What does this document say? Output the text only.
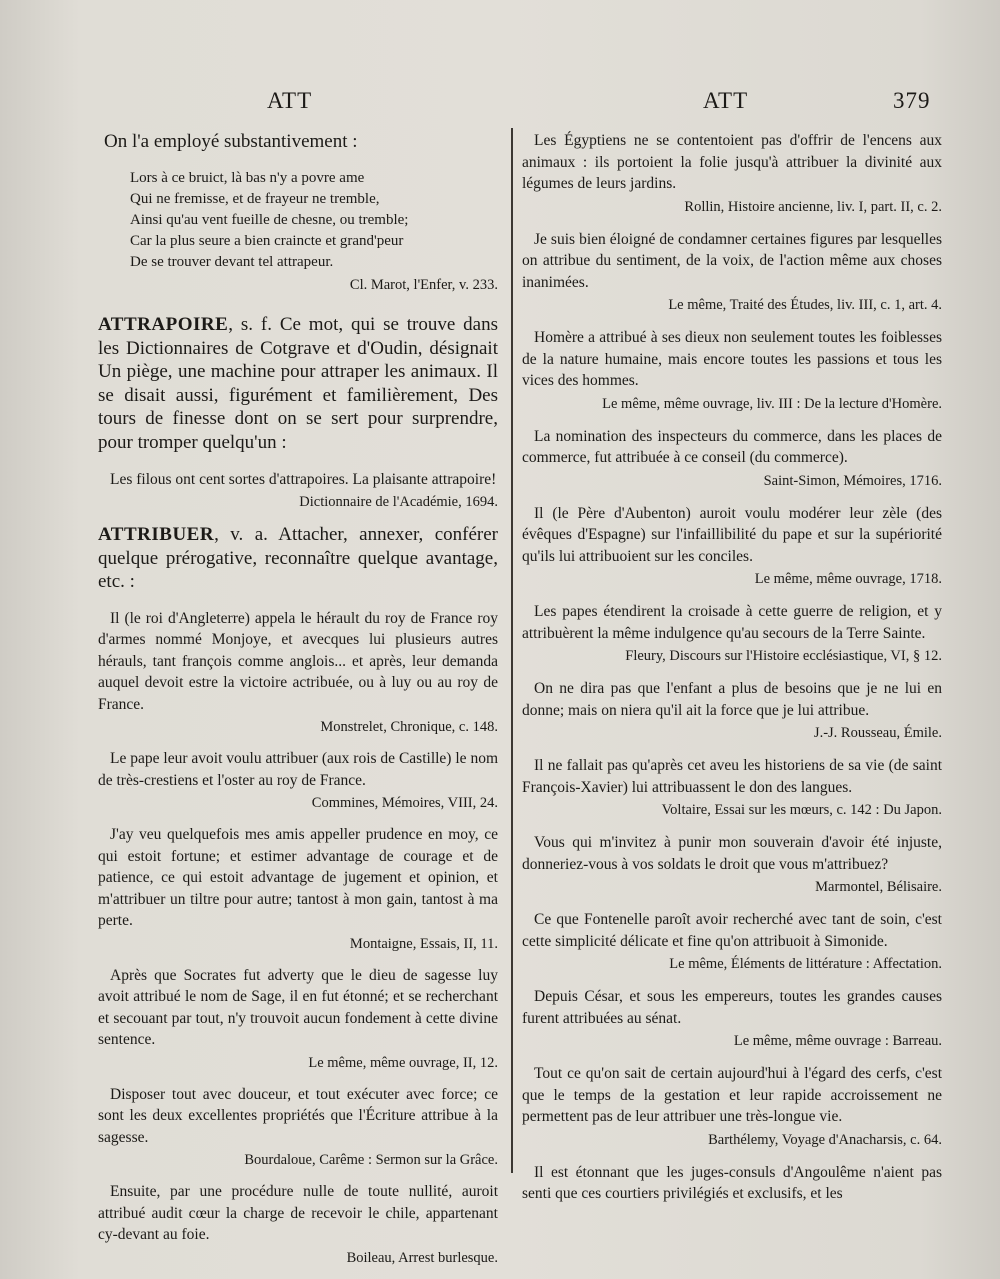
ATT	ATT	379

On l'a employé substantivement :

Lors à ce bruict, là bas n'y a povre ame
Qui ne fremisse, et de frayeur ne tremble,
Ainsi qu'au vent fueille de chesne, ou tremble;
Car la plus seure a bien craincte et grand'peur
De se trouver devant tel attrapeur.

Cl. Marot, l'Enfer, v. 233.

ATTRAPOIRE, s. f. Ce mot, qui se trouve dans les Dictionnaires de Cotgrave et d'Oudin, désignait Un piège, une machine pour attraper les animaux. Il se disait aussi, figurément et familièrement, Des tours de finesse dont on se sert pour surprendre, pour tromper quelqu'un :

Les filous ont cent sortes d'attrapoires. La plaisante attrapoire!

Dictionnaire de l'Académie, 1694.

ATTRIBUER, v. a. Attacher, annexer, conférer quelque prérogative, reconnaître quelque avantage, etc. :

Il (le roi d'Angleterre) appela le hérault du roy de France roy d'armes nommé Monjoye, et avecques lui plusieurs autres hérauls, tant françois comme anglois... et après, leur demanda auquel devoit estre la victoire actribuée, ou à luy ou au roy de France.

Monstrelet, Chronique, c. 148.

Le pape leur avoit voulu attribuer (aux rois de Castille) le nom de très-crestiens et l'oster au roy de France.

Commines, Mémoires, VIII, 24.

J'ay veu quelquefois mes amis appeller prudence en moy, ce qui estoit fortune; et estimer advantage de courage et de patience, ce qui estoit advantage de jugement et opinion, et m'attribuer un tiltre pour autre; tantost à mon gain, tantost à ma perte.

Montaigne, Essais, II, 11.

Après que Socrates fut adverty que le dieu de sagesse luy avoit attribué le nom de Sage, il en fut étonné; et se recherchant et secouant par tout, n'y trouvoit aucun fondement à cette divine sentence.

Le même, même ouvrage, II, 12.

Disposer tout avec douceur, et tout exécuter avec force; ce sont les deux excellentes propriétés que l'Écriture attribue à la sagesse.

Bourdaloue, Carême : Sermon sur la Grâce.

Ensuite, par une procédure nulle de toute nullité, auroit attribué audit cœur la charge de recevoir le chile, appartenant cy-devant au foie.

Boileau, Arrest burlesque.

Les Égyptiens ne se contentoient pas d'offrir de l'encens aux animaux : ils portoient la folie jusqu'à attribuer la divinité aux légumes de leurs jardins.

Rollin, Histoire ancienne, liv. I, part. II, c. 2.

Je suis bien éloigné de condamner certaines figures par lesquelles on attribue du sentiment, de la voix, de l'action même aux choses inanimées.

Le même, Traité des Études, liv. III, c. 1, art. 4.

Homère a attribué à ses dieux non seulement toutes les foiblesses de la nature humaine, mais encore toutes les passions et tous les vices des hommes.

Le même, même ouvrage, liv. III : De la lecture d'Homère.

La nomination des inspecteurs du commerce, dans les places de commerce, fut attribuée à ce conseil (du commerce).

Saint-Simon, Mémoires, 1716.

Il (le Père d'Aubenton) auroit voulu modérer leur zèle (des évêques d'Espagne) sur l'infaillibilité du pape et sur la supériorité qu'ils lui attribuoient sur les conciles.

Le même, même ouvrage, 1718.

Les papes étendirent la croisade à cette guerre de religion, et y attribuèrent la même indulgence qu'au secours de la Terre Sainte.

Fleury, Discours sur l'Histoire ecclésiastique, VI, § 12.

On ne dira pas que l'enfant a plus de besoins que je ne lui en donne; mais on niera qu'il ait la force que je lui attribue.

J.-J. Rousseau, Émile.

Il ne fallait pas qu'après cet aveu les historiens de sa vie (de saint François-Xavier) lui attribuassent le don des langues.

Voltaire, Essai sur les mœurs, c. 142 : Du Japon.

Vous qui m'invitez à punir mon souverain d'avoir été injuste, donneriez-vous à vos soldats le droit que vous m'attribuez?

Marmontel, Bélisaire.

Ce que Fontenelle paroît avoir recherché avec tant de soin, c'est cette simplicité délicate et fine qu'on attribuoit à Simonide.

Le même, Éléments de littérature : Affectation.

Depuis César, et sous les empereurs, toutes les grandes causes furent attribuées au sénat.

Le même, même ouvrage : Barreau.

Tout ce qu'on sait de certain aujourd'hui à l'égard des cerfs, c'est que le temps de la gestation et leur rapide accroissement ne permettent pas de leur attribuer une très-longue vie.

Barthélemy, Voyage d'Anacharsis, c. 64.

Il est étonnant que les juges-consuls d'Angoulême n'aient pas senti que ces courtiers privilégiés et exclusifs, et les
